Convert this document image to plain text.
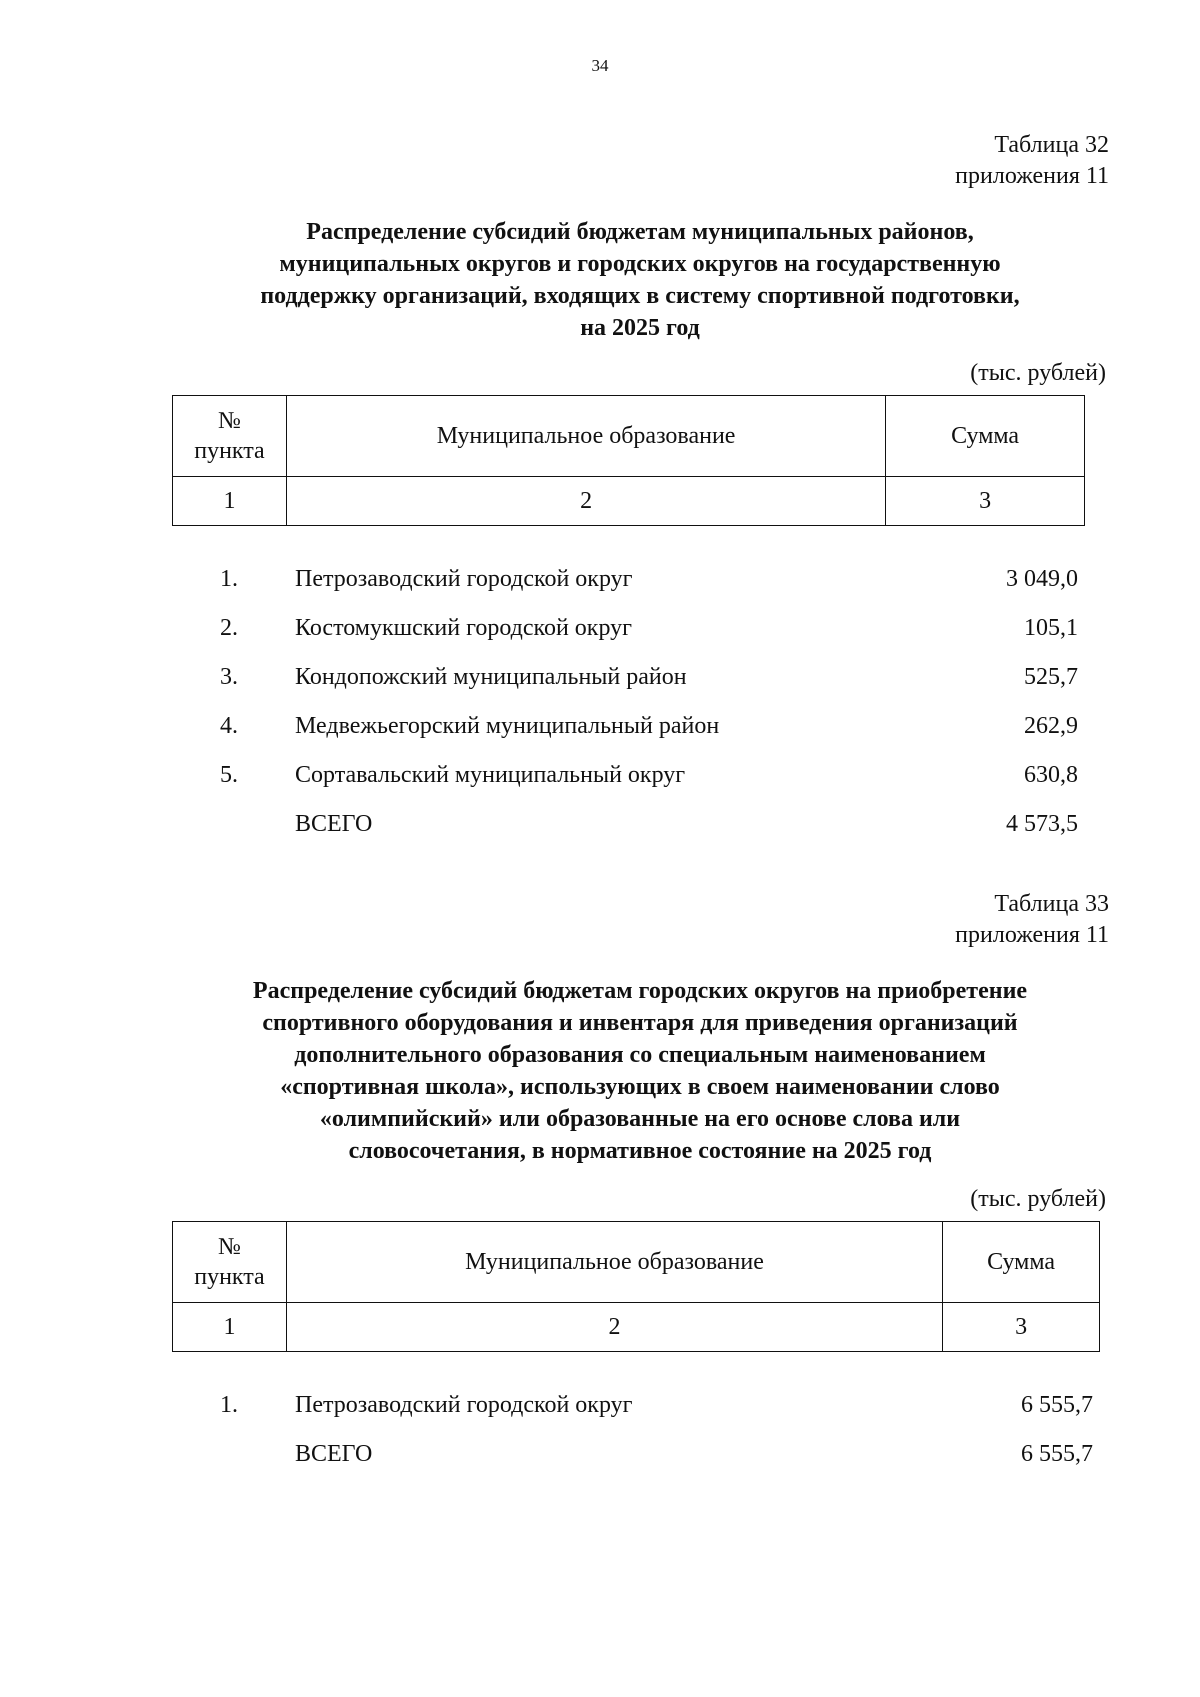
34
Таблица 32
приложения 11
Распределение субсидий бюджетам муниципальных районов,
муниципальных округов и городских округов на государственную
поддержку организаций, входящих в систему спортивной подготовки,
на 2025 год
(тыс. рублей)
№
пункта	Муниципальное образование	Сумма
1	2	3
1.	Петрозаводский городской округ	3 049,0
2.	Костомукшский городской округ	105,1
3.	Кондопожский муниципальный район	525,7
4.	Медвежьегорский муниципальный район	262,9
5.	Сортавальский муниципальный округ	630,8
ВСЕГО	4 573,5
Таблица 33
приложения 11
Распределение субсидий бюджетам городских округов на приобретение
спортивного оборудования и инвентаря для приведения организаций
дополнительного образования со специальным наименованием
«спортивная школа», использующих в своем наименовании слово
«олимпийский» или образованные на его основе слова или
словосочетания, в нормативное состояние на 2025 год
(тыс. рублей)
№
пункта	Муниципальное образование	Сумма
1	2	3
1.	Петрозаводский городской округ	6 555,7
ВСЕГО	6 555,7
